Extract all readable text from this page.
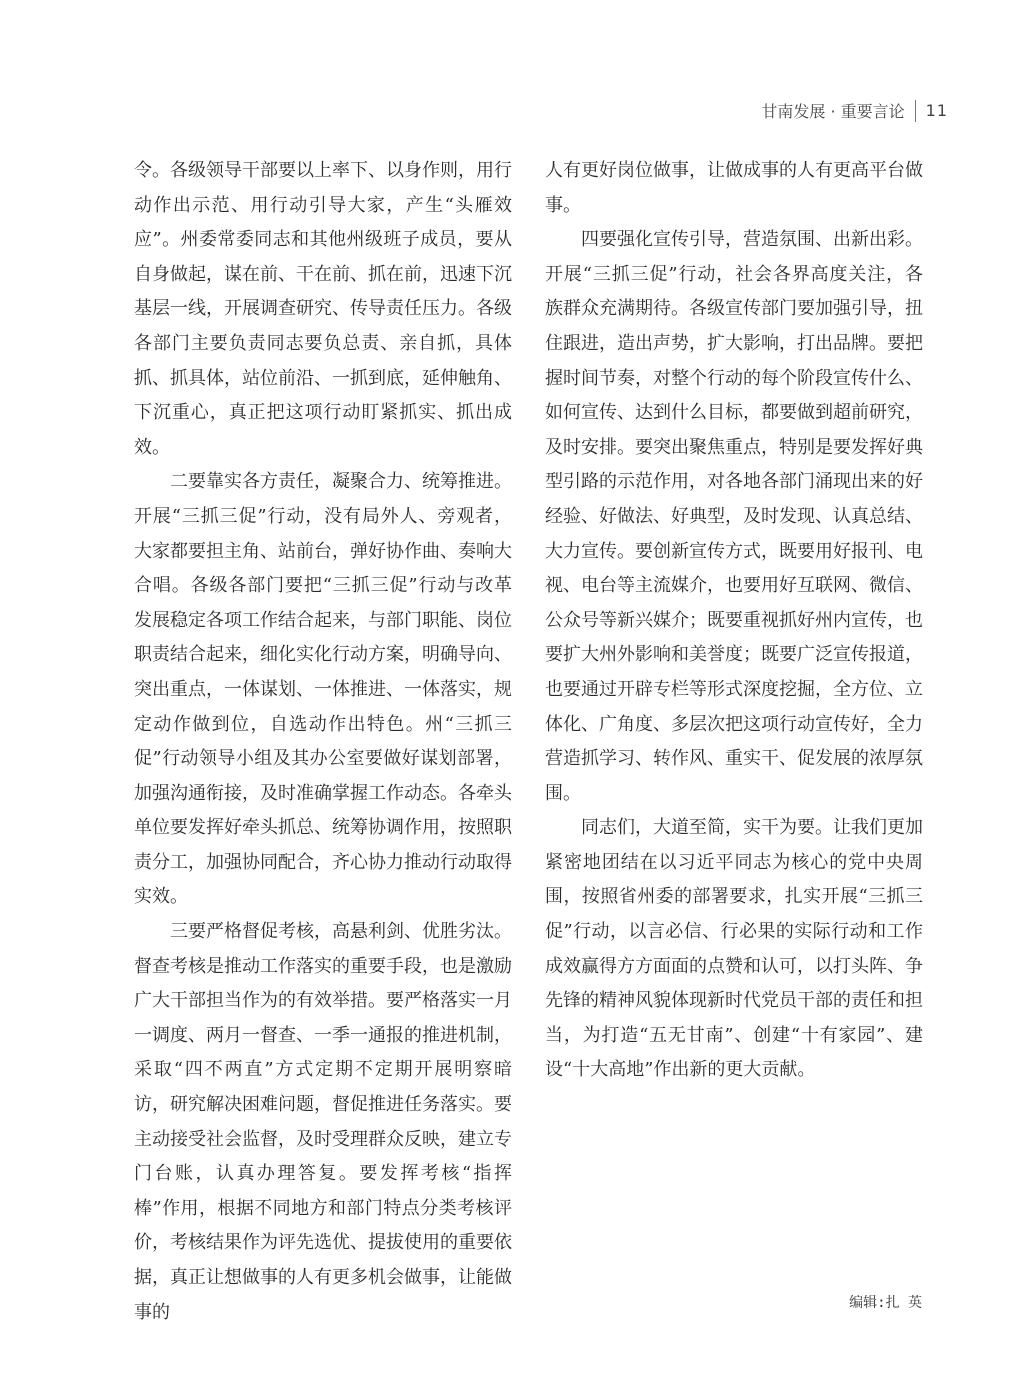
甘南发展 · 重要言论 11

令。各级领导干部要以上率下、以身作则，用行动作出示范、用行动引导大家，产生“头雁效应”。州委常委同志和其他州级班子成员，要从自身做起，谋在前、干在前、抓在前，迅速下沉基层一线，开展调查研究、传导责任压力。各级各部门主要负责同志要负总责、亲自抓，具体抓、抓具体，站位前沿、一抓到底，延伸触角、下沉重心，真正把这项行动盯紧抓实、抓出成效。

二要靠实各方责任，凝聚合力、统筹推进。开展“三抓三促”行动，没有局外人、旁观者，大家都要担主角、站前台，弹好协作曲、奏响大合唱。各级各部门要把“三抓三促”行动与改革发展稳定各项工作结合起来，与部门职能、岗位职责结合起来，细化实化行动方案，明确导向、突出重点，一体谋划、一体推进、一体落实，规定动作做到位，自选动作出特色。州“三抓三促”行动领导小组及其办公室要做好谋划部署，加强沟通衔接，及时准确掌握工作动态。各牵头单位要发挥好牵头抓总、统筹协调作用，按照职责分工，加强协同配合，齐心协力推动行动取得实效。

三要严格督促考核，高悬利剑、优胜劣汰。督查考核是推动工作落实的重要手段，也是激励广大干部担当作为的有效举措。要严格落实一月一调度、两月一督查、一季一通报的推进机制，采取“四不两直”方式定期不定期开展明察暗访，研究解决困难问题，督促推进任务落实。要主动接受社会监督，及时受理群众反映，建立专门台账，认真办理答复。要发挥考核“指挥棒”作用，根据不同地方和部门特点分类考核评价，考核结果作为评先选优、提拔使用的重要依据，真正让想做事的人有更多机会做事，让能做事的

人有更好岗位做事，让做成事的人有更高平台做事。

四要强化宣传引导，营造氛围、出新出彩。开展“三抓三促”行动，社会各界高度关注，各族群众充满期待。各级宣传部门要加强引导，扭住跟进，造出声势，扩大影响，打出品牌。要把握时间节奏，对整个行动的每个阶段宣传什么、如何宣传、达到什么目标，都要做到超前研究，及时安排。要突出聚焦重点，特别是要发挥好典型引路的示范作用，对各地各部门涌现出来的好经验、好做法、好典型，及时发现、认真总结、大力宣传。要创新宣传方式，既要用好报刊、电视、电台等主流媒介，也要用好互联网、微信、公众号等新兴媒介；既要重视抓好州内宣传，也要扩大州外影响和美誉度；既要广泛宣传报道，也要通过开辟专栏等形式深度挖掘，全方位、立体化、广角度、多层次把这项行动宣传好，全力营造抓学习、转作风、重实干、促发展的浓厚氛围。

同志们，大道至简，实干为要。让我们更加紧密地团结在以习近平同志为核心的党中央周围，按照省州委的部署要求，扎实开展“三抓三促”行动，以言必信、行必果的实际行动和工作成效赢得方方面面的点赞和认可，以打头阵、争先锋的精神风貌体现新时代党员干部的责任和担当，为打造“五无甘南”、创建“十有家园”、建设“十大高地”作出新的更大贡献。

编辑:扎 英
